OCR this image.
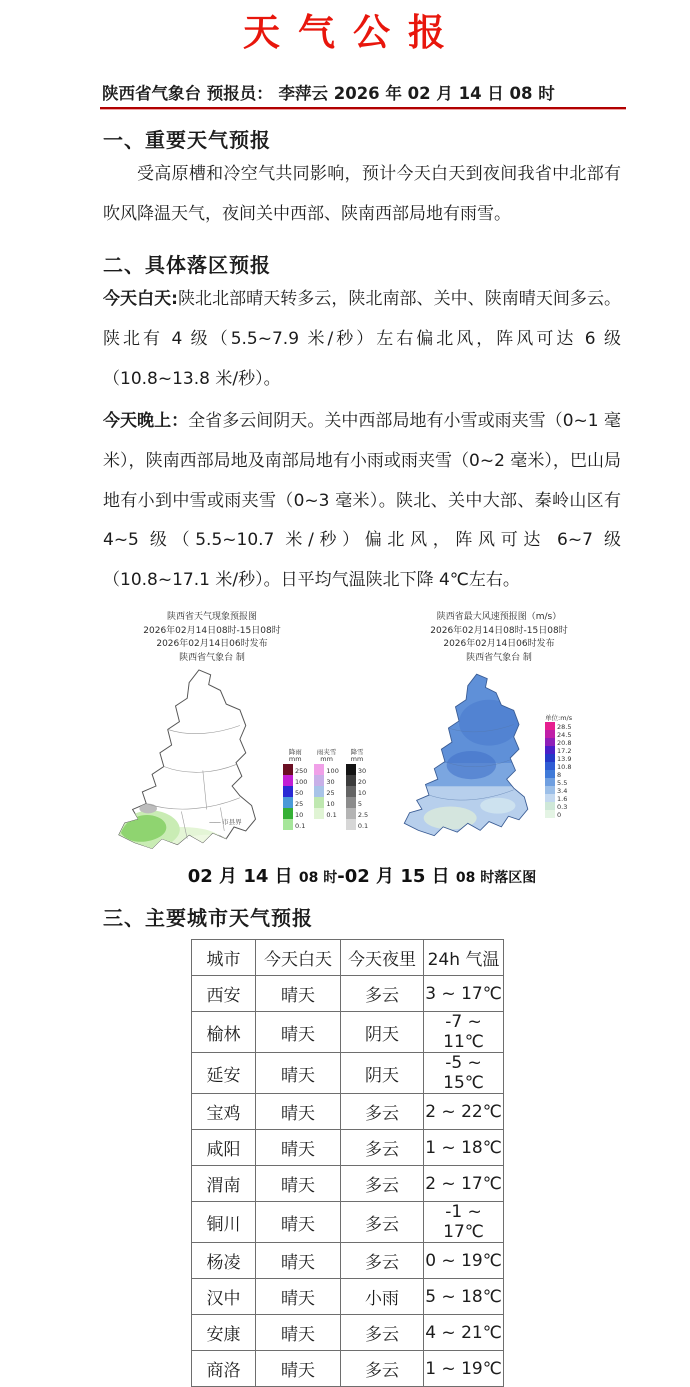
天气公报
陕西省气象台 预报员： 李萍云 2026 年 02 月 14 日 08 时
一、重要天气预报
受高原槽和冷空气共同影响，预计今天白天到夜间我省中北部有吹风降温天气，夜间关中西部、陕南西部局地有雨雪。
二、具体落区预报
今天白天:陕北北部晴天转多云，陕北南部、关中、陕南晴天间多云。陕北有 4 级（5.5~7.9 米/秒）左右偏北风，阵风可达 6 级（10.8~13.8 米/秒）。
今天晚上：全省多云间阴天。关中西部局地有小雪或雨夹雪（0~1 毫米），陕南西部局地及南部局地有小雨或雨夹雪（0~2 毫米），巴山局地有小到中雪或雨夹雪（0~3 毫米）。陕北、关中大部、秦岭山区有 4~5 级（5.5~10.7 米/秒）偏北风，阵风可达 6~7 级（10.8~17.1 米/秒）。日平均气温陕北下降 4℃左右。
陕西省天气现象预报图
2026年02月14日08时-15日08时
2026年02月14日06时发布
陕西省气象台 制
降雨
mm
250
100
50
25
10
0.1
雨夹雪
mm
100
30
25
10
0.1
降雪
mm
30
20
10
5
2.5
0.1
—— 市县界
陕西省最大风速预报图（m/s）
2026年02月14日08时-15日08时
2026年02月14日06时发布
陕西省气象台 制
单位:m/s
28.5
24.5
20.8
17.2
13.9
10.8
8
5.5
3.4
1.6
0.3
0
02 月 14 日 08 时-02 月 15 日 08 时落区图
三、主要城市天气预报
城市	今天白天	今天夜里	24h 气温
西安	晴天	多云	3 ~ 17℃
榆林	晴天	阴天	-7 ~ 11℃
延安	晴天	阴天	-5 ~ 15℃
宝鸡	晴天	多云	2 ~ 22℃
咸阳	晴天	多云	1 ~ 18℃
渭南	晴天	多云	2 ~ 17℃
铜川	晴天	多云	-1 ~ 17℃
杨凌	晴天	多云	0 ~ 19℃
汉中	晴天	小雨	5 ~ 18℃
安康	晴天	多云	4 ~ 21℃
商洛	晴天	多云	1 ~ 19℃
